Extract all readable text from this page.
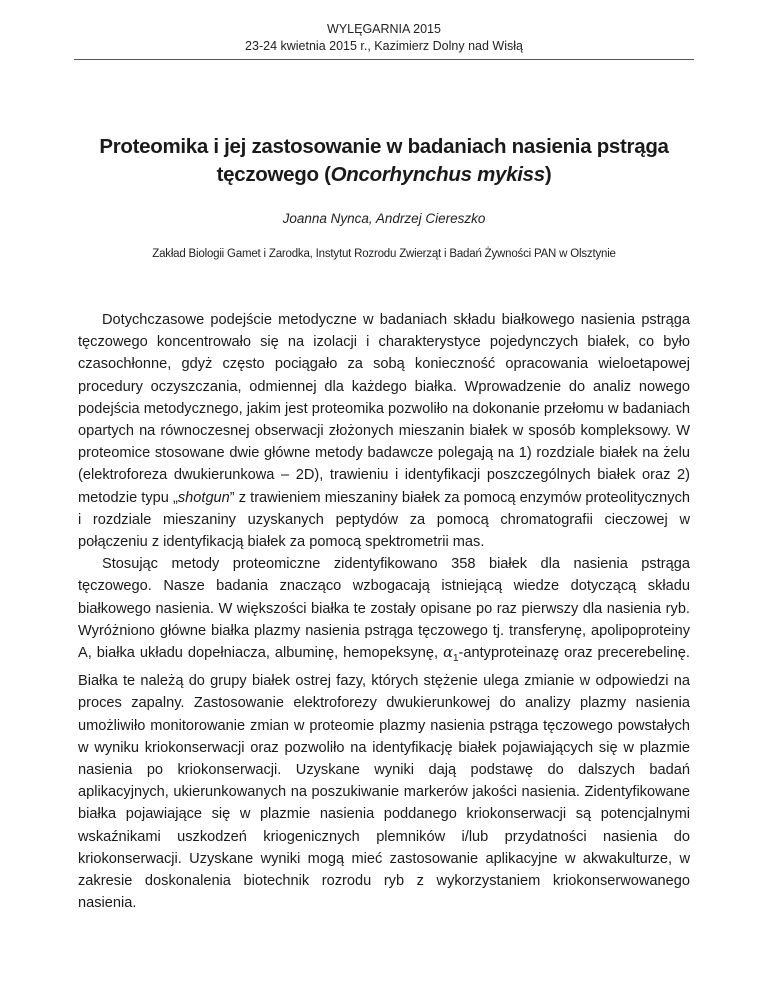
WYLĘGARNIA 2015
23-24 kwietnia 2015 r., Kazimierz Dolny nad Wisłą
Proteomika i jej zastosowanie w badaniach nasienia pstrąga
tęczowego (Oncorhynchus mykiss)
Joanna Nynca, Andrzej Ciereszko
Zakład Biologii Gamet i Zarodka, Instytut Rozrodu Zwierząt i Badań Żywności PAN w Olsztynie

Dotychczasowe podejście metodyczne w badaniach składu białkowego nasienia pstrąga tęczowego koncentrowało się na izolacji i charakterystyce pojedynczych białek, co było czasochłonne, gdyż często pociągało za sobą konieczność opracowania wieloetapowej procedury oczyszczania, odmiennej dla każdego białka. Wprowadzenie do analiz nowego podejścia metodycznego, jakim jest proteomika pozwoliło na dokonanie przełomu w badaniach opartych na równoczesnej obserwacji złożonych mieszanin białek w sposób kompleksowy. W proteomice stosowane dwie główne metody badawcze polegają na 1) rozdziale białek na żelu (elektroforeza dwukierunkowa – 2D), trawieniu i identyfikacji poszczególnych białek oraz 2) metodzie typu „shotgun” z trawieniem mieszaniny białek za pomocą enzymów proteolitycznych i rozdziale mieszaniny uzyskanych peptydów za pomocą chromatografii cieczowej w połączeniu z identyfikacją białek za pomocą spektrometrii mas.

Stosując metody proteomiczne zidentyfikowano 358 białek dla nasienia pstrąga tęczowego. Nasze badania znacząco wzbogacają istniejącą wiedze dotyczącą składu białkowego nasienia. W większości białka te zostały opisane po raz pierwszy dla nasienia ryb. Wyróżniono główne białka plazmy nasienia pstrąga tęczowego tj. transferynę, apolipoproteiny A, białka układu dopełniacza, albuminę, hemopeksynę, $\alpha_1$-antyproteinazę oraz precerebelinę. Białka te należą do grupy białek ostrej fazy, których stężenie ulega zmianie w odpowiedzi na proces zapalny. Zastosowanie elektroforezy dwukierunkowej do analizy plazmy nasienia umożliwiło monitorowanie zmian w proteomie plazmy nasienia pstrąga tęczowego powstałych w wyniku kriokonserwacji oraz pozwoliło na identyfikację białek pojawiających się w plazmie nasienia po kriokonserwacji. Uzyskane wyniki dają podstawę do dalszych badań aplikacyjnych, ukierunkowanych na poszukiwanie markerów jakości nasienia. Zidentyfikowane białka pojawiające się w plazmie nasienia poddanego kriokonserwacji są potencjalnymi wskaźnikami uszkodzeń kriogenicznych plemników i/lub przydatności nasienia do kriokonserwacji. Uzyskane wyniki mogą mieć zastosowanie aplikacyjne w akwakulturze, w zakresie doskonalenia biotechnik rozrodu ryb z wykorzystaniem kriokonserwowanego nasienia.
